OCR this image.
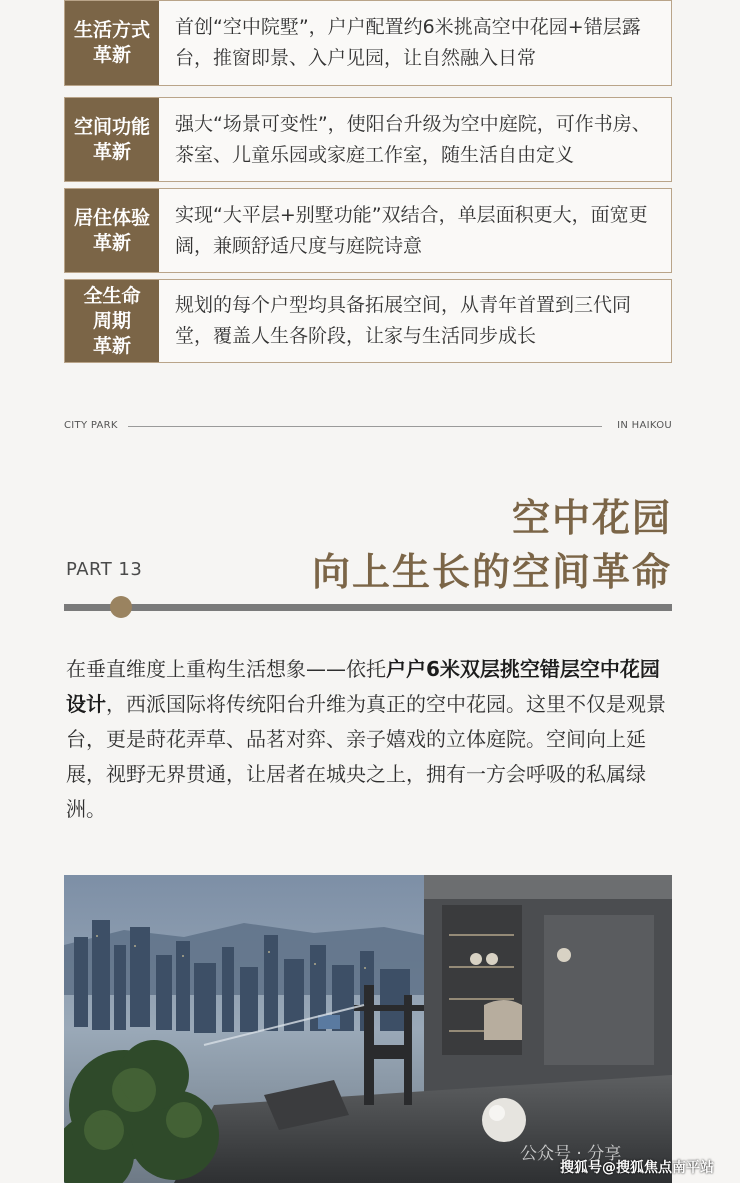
生活方式
革新
首创“空中院墅”，户户配置约6米挑高空中花园+错层露台，推窗即景、入户见园，让自然融入日常
空间功能
革新
强大“场景可变性”，使阳台升级为空中庭院，可作书房、茶室、儿童乐园或家庭工作室，随生活自由定义
居住体验
革新
实现“大平层+别墅功能”双结合，单层面积更大，面宽更阔，兼顾舒适尺度与庭院诗意
全生命
周期
革新
规划的每个户型均具备拓展空间，从青年首置到三代同堂，覆盖人生各阶段，让家与生活同步成长
CITY PARK	IN HAIKOU
空中花园
向上生长的空间革命
PART 13
在垂直维度上重构生活想象——依托户户6米双层挑空错层空中花园设计，西派国际将传统阳台升维为真正的空中花园。这里不仅是观景台，更是莳花弄草、品茗对弈、亲子嬉戏的立体庭院。空间向上延展，视野无界贯通，让居者在城央之上，拥有一方会呼吸的私属绿洲。
公众号 · 分享
搜狐号@搜狐焦点南平站
